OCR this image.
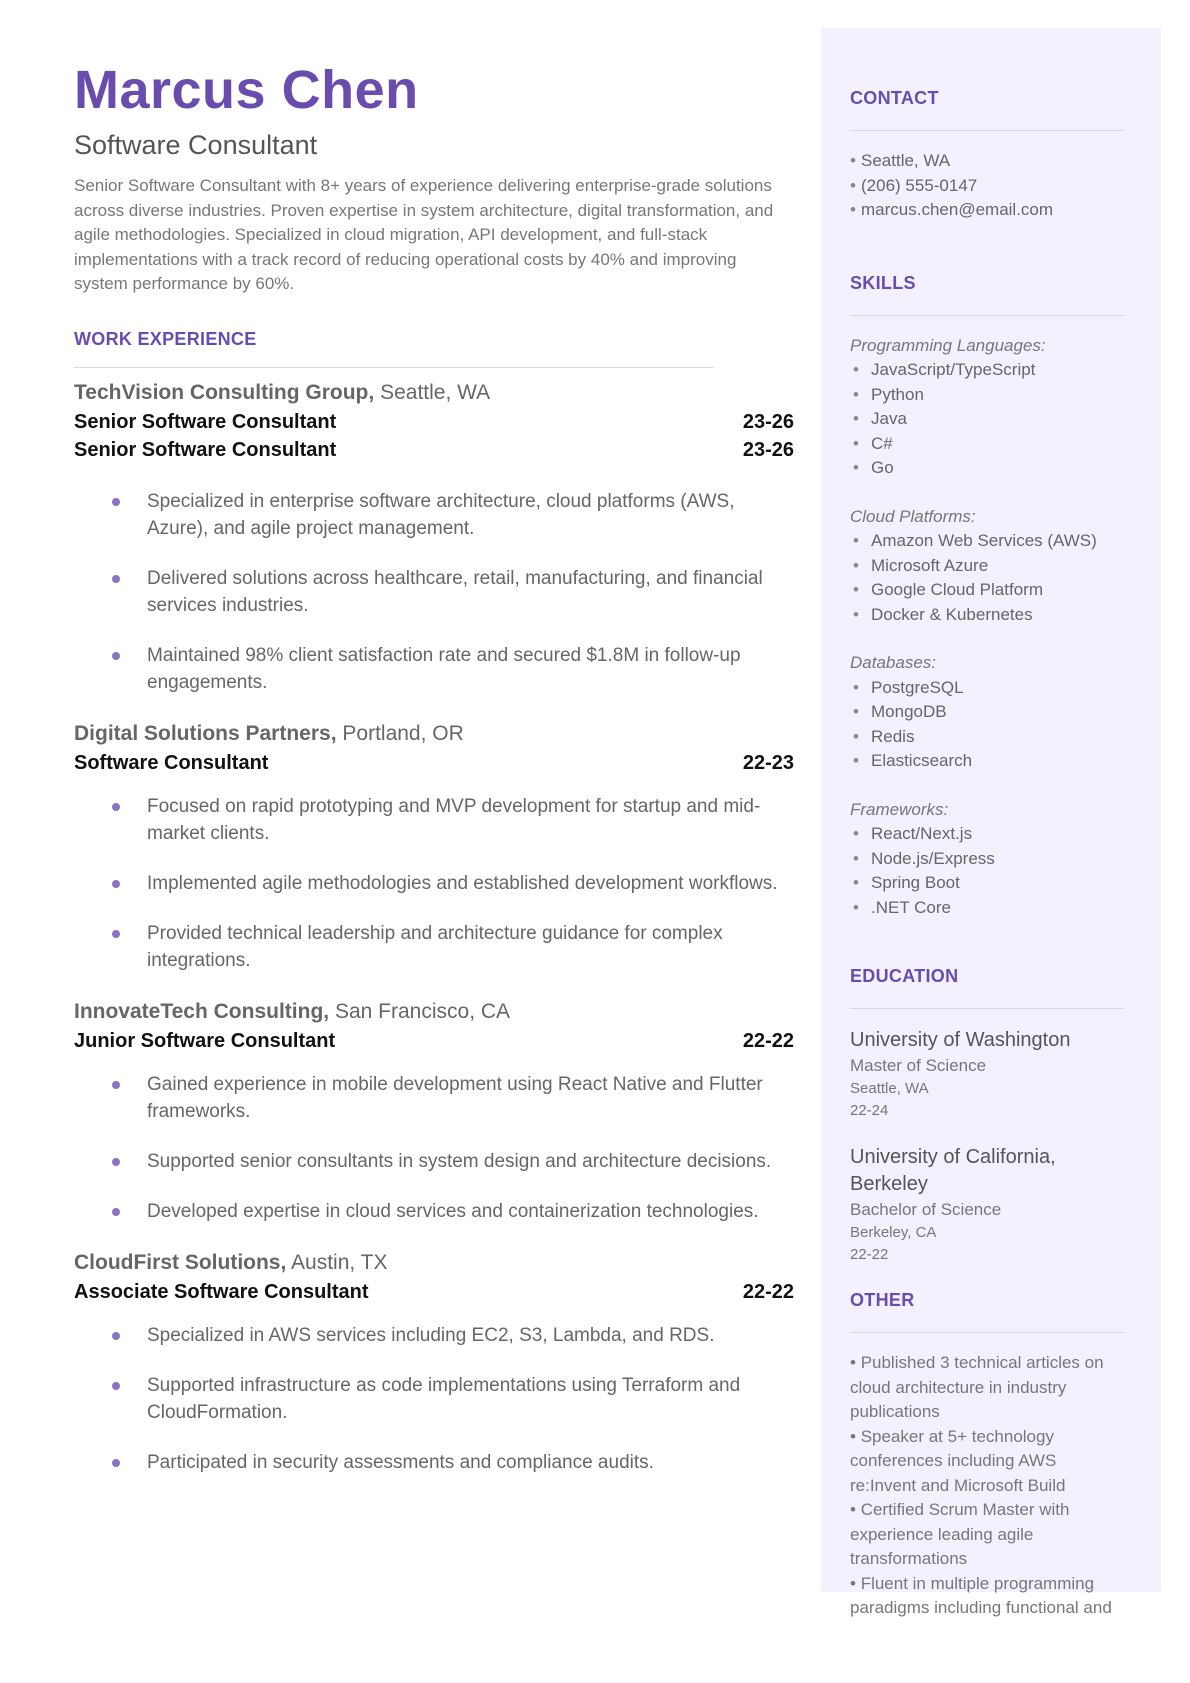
Marcus Chen
Software Consultant
Senior Software Consultant with 8+ years of experience delivering enterprise-grade solutions across diverse industries. Proven expertise in system architecture, digital transformation, and agile methodologies. Specialized in cloud migration, API development, and full-stack implementations with a track record of reducing operational costs by 40% and improving system performance by 60%.
WORK EXPERIENCE
TechVision Consulting Group, Seattle, WA
Senior Software Consultant	23-26
Senior Software Consultant	23-26
Specialized in enterprise software architecture, cloud platforms (AWS, Azure), and agile project management.
Delivered solutions across healthcare, retail, manufacturing, and financial services industries.
Maintained 98% client satisfaction rate and secured $1.8M in follow-up engagements.
Digital Solutions Partners, Portland, OR
Software Consultant	22-23
Focused on rapid prototyping and MVP development for startup and mid-market clients.
Implemented agile methodologies and established development workflows.
Provided technical leadership and architecture guidance for complex integrations.
InnovateTech Consulting, San Francisco, CA
Junior Software Consultant	22-22
Gained experience in mobile development using React Native and Flutter frameworks.
Supported senior consultants in system design and architecture decisions.
Developed expertise in cloud services and containerization technologies.
CloudFirst Solutions, Austin, TX
Associate Software Consultant	22-22
Specialized in AWS services including EC2, S3, Lambda, and RDS.
Supported infrastructure as code implementations using Terraform and CloudFormation.
Participated in security assessments and compliance audits.
CONTACT
• Seattle, WA
• (206) 555-0147
• marcus.chen@email.com
SKILLS
Programming Languages:
• JavaScript/TypeScript
• Python
• Java
• C#
• Go
Cloud Platforms:
• Amazon Web Services (AWS)
• Microsoft Azure
• Google Cloud Platform
• Docker & Kubernetes
Databases:
• PostgreSQL
• MongoDB
• Redis
• Elasticsearch
Frameworks:
• React/Next.js
• Node.js/Express
• Spring Boot
• .NET Core
EDUCATION
University of Washington
Master of Science
Seattle, WA
22-24
University of California, Berkeley
Bachelor of Science
Berkeley, CA
22-22
OTHER
• Published 3 technical articles on cloud architecture in industry publications
• Speaker at 5+ technology conferences including AWS re:Invent and Microsoft Build
• Certified Scrum Master with experience leading agile transformations
• Fluent in multiple programming paradigms including functional and
